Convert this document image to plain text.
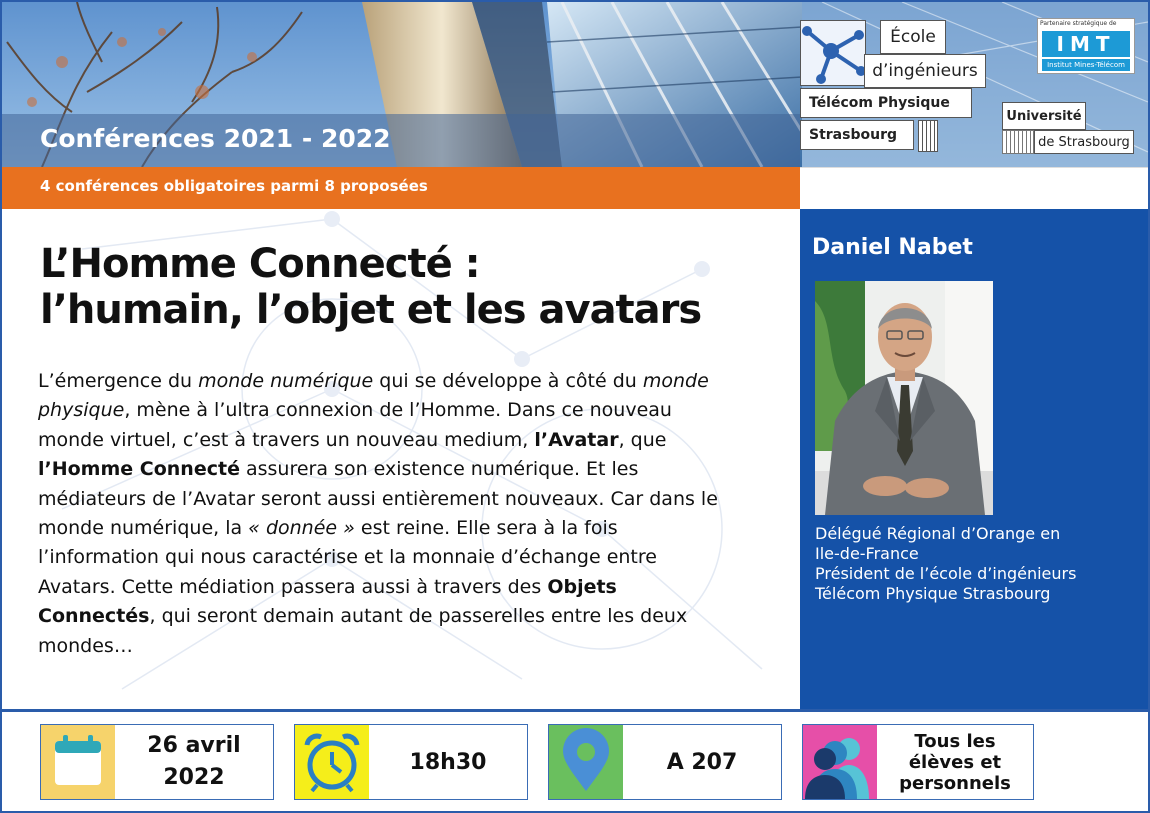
Conférences 2021 - 2022
École
d’ingénieurs
Télécom Physique
Strasbourg
Partenaire stratégique de
IMT
Institut Mines-Télécom
Université
de Strasbourg
4 conférences obligatoires parmi 8 proposées
L’Homme Connecté :
l’humain, l’objet et les avatars
L’émergence du monde numérique qui se développe à côté du monde physique, mène à l’ultra connexion de l’Homme. Dans ce nouveau monde virtuel, c’est à travers un nouveau medium, l’Avatar, que l’Homme Connecté assurera son existence numérique. Et les médiateurs de l’Avatar seront aussi entièrement nouveaux. Car dans le monde numérique, la « donnée » est reine. Elle sera à la fois l’information qui nous caractérise et la monnaie d’échange entre Avatars. Cette médiation passera aussi à travers des Objets Connectés, qui seront demain autant de passerelles entre les deux mondes…
Daniel Nabet
Délégué Régional d’Orange en
Ile-de-France
Président de l’école d’ingénieurs
Télécom Physique Strasbourg
26 avril
2022
18h30	A 207
Tous les
élèves et
personnels
